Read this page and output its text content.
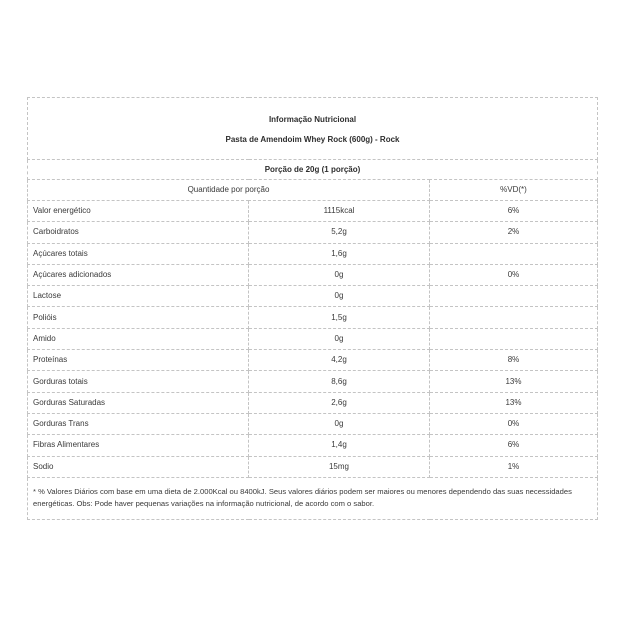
Informação Nutricional
Pasta de Amendoim Whey Rock (600g) - Rock		

Porção de 20g (1 porção)		
Quantidade por porção		%VD(*)
Valor energético	1115kcal	6%
Carboidratos	5,2g	2%
Açúcares totais	1,6g	
Açúcares adicionados	0g	0%
Lactose	0g	
Polióis	1,5g	
Amido	0g	
Proteínas	4,2g	8%
Gorduras totais	8,6g	13%
Gorduras Saturadas	2,6g	13%
Gorduras Trans	0g	0%
Fibras Alimentares	1,4g	6%
Sodio	15mg	1%
* % Valores Diários com base em uma dieta de 2.000Kcal ou 8400kJ. Seus valores diários podem ser maiores ou menores dependendo das suas necessidades energéticas. Obs: Pode haver pequenas variações na informação nutricional, de acordo com o sabor.		
